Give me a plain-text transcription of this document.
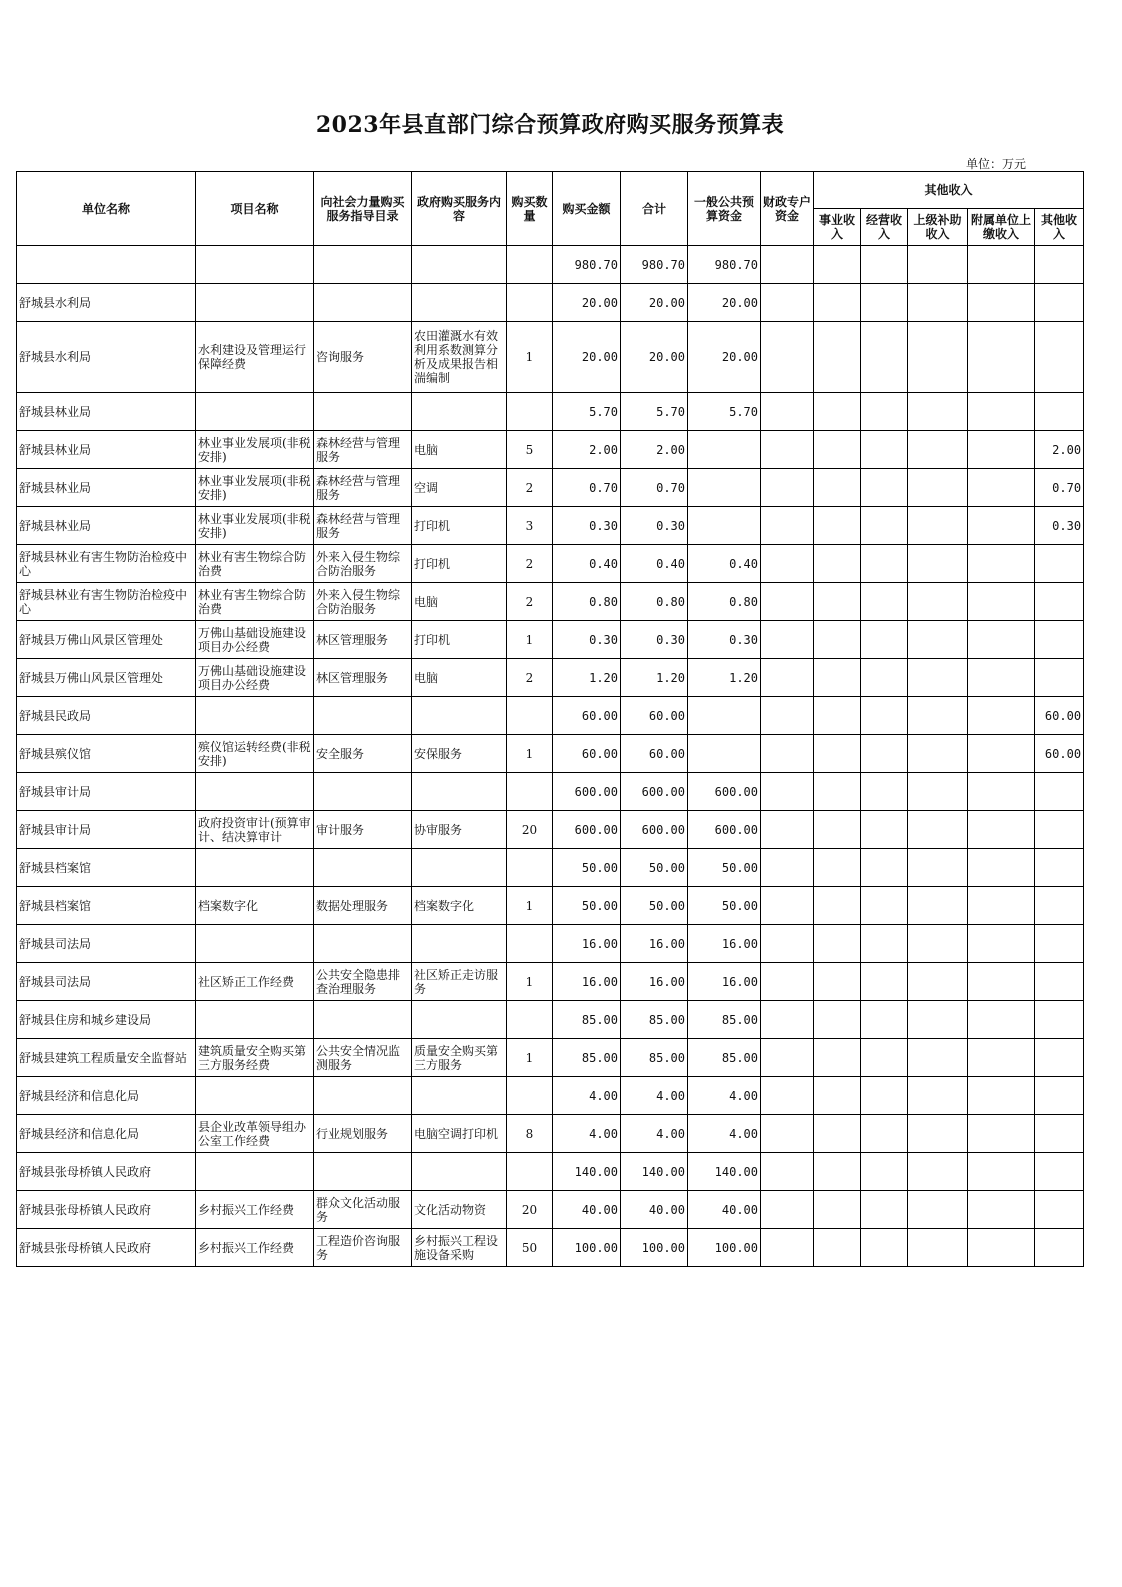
2023年县直部门综合预算政府购买服务预算表
单位：万元
单位名称	项目名称	向社会力量购买服务指导目录	政府购买服务内容	购买数量	购买金额	合计	一般公共预算资金	财政专户资金	其他收入				
									事业收入	经营收入	上级补助收入	附属单位上缴收入	其他收入
					980.70	980.70	980.70						
舒城县水利局					20.00	20.00	20.00						
舒城县水利局	水利建设及管理运行保障经费	咨询服务	农田灌溉水有效利用系数测算分析及成果报告相湍编制	1	20.00	20.00	20.00						
舒城县林业局					5.70	5.70	5.70						
舒城县林业局	林业事业发展项(非税安排)	森林经营与管理服务	电脑	5	2.00	2.00							2.00
舒城县林业局	林业事业发展项(非税安排)	森林经营与管理服务	空调	2	0.70	0.70							0.70
舒城县林业局	林业事业发展项(非税安排)	森林经营与管理服务	打印机	3	0.30	0.30							0.30
舒城县林业有害生物防治检疫中心	林业有害生物综合防治费	外来入侵生物综合防治服务	打印机	2	0.40	0.40	0.40						
舒城县林业有害生物防治检疫中心	林业有害生物综合防治费	外来入侵生物综合防治服务	电脑	2	0.80	0.80	0.80						
舒城县万佛山风景区管理处	万佛山基础设施建设项目办公经费	林区管理服务	打印机	1	0.30	0.30	0.30						
舒城县万佛山风景区管理处	万佛山基础设施建设项目办公经费	林区管理服务	电脑	2	1.20	1.20	1.20						
舒城县民政局					60.00	60.00							60.00
舒城县殡仪馆	殡仪馆运转经费(非税安排)	安全服务	安保服务	1	60.00	60.00							60.00
舒城县审计局					600.00	600.00	600.00						
舒城县审计局	政府投资审计(预算审计、结决算审计	审计服务	协审服务	20	600.00	600.00	600.00						
舒城县档案馆					50.00	50.00	50.00						
舒城县档案馆	档案数字化	数据处理服务	档案数字化	1	50.00	50.00	50.00						
舒城县司法局					16.00	16.00	16.00						
舒城县司法局	社区矫正工作经费	公共安全隐患排查治理服务	社区矫正走访服务	1	16.00	16.00	16.00						
舒城县住房和城乡建设局					85.00	85.00	85.00						
舒城县建筑工程质量安全监督站	建筑质量安全购买第三方服务经费	公共安全情况监测服务	质量安全购买第三方服务	1	85.00	85.00	85.00						
舒城县经济和信息化局					4.00	4.00	4.00						
舒城县经济和信息化局	县企业改革领导组办公室工作经费	行业规划服务	电脑空调打印机	8	4.00	4.00	4.00						
舒城县张母桥镇人民政府					140.00	140.00	140.00						
舒城县张母桥镇人民政府	乡村振兴工作经费	群众文化活动服务	文化活动物资	20	40.00	40.00	40.00						
舒城县张母桥镇人民政府	乡村振兴工作经费	工程造价咨询服务	乡村振兴工程设施设备采购	50	100.00	100.00	100.00						
